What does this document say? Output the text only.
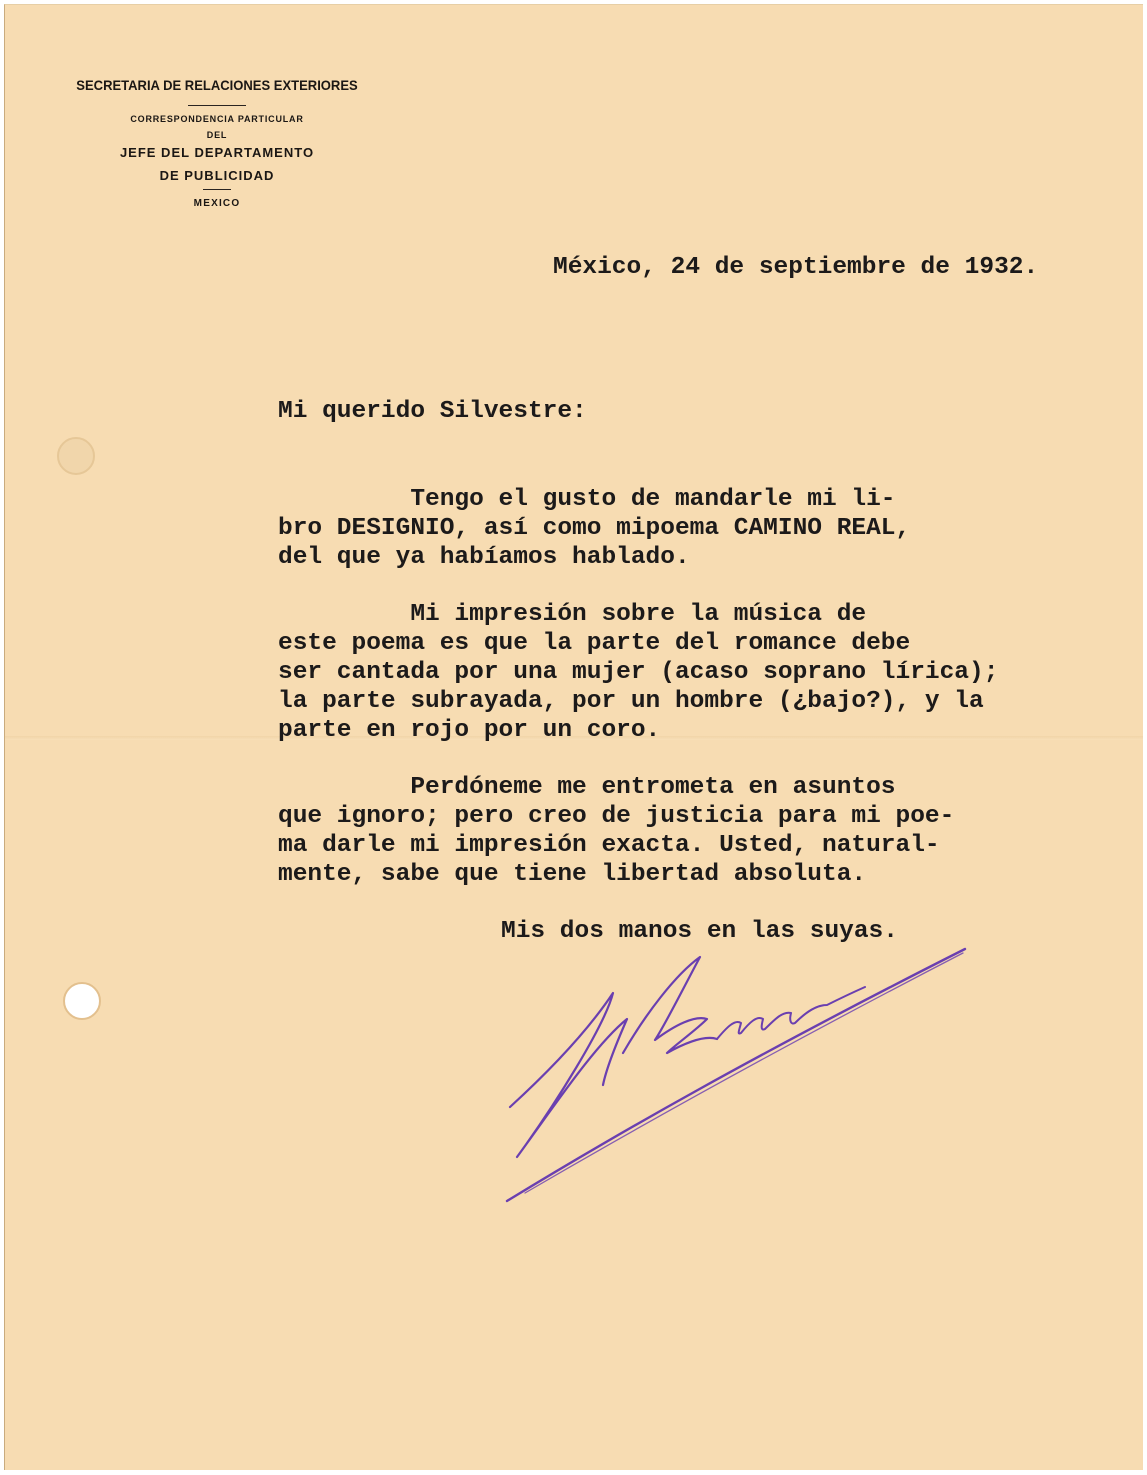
SECRETARIA DE RELACIONES EXTERIORES
CORRESPONDENCIA PARTICULAR
DEL
JEFE DEL DEPARTAMENTO
DE PUBLICIDAD
MEXICO
México, 24 de septiembre de 1932.
Mi querido Silvestre:
Tengo el gusto de mandarle mi li-
bro DESIGNIO, así como mipoema CAMINO REAL,
del que ya habíamos hablado.
Mi impresión sobre la música de
este poema es que la parte del romance debe
ser cantada por una mujer (acaso soprano lírica);
la parte subrayada, por un hombre (¿bajo?), y la
parte en rojo por un coro.
Perdóneme me entrometa en asuntos
que ignoro; pero creo de justicia para mi poe-
ma darle mi impresión exacta. Usted, natural-
mente, sabe que tiene libertad absoluta.
Mis dos manos en las suyas.
